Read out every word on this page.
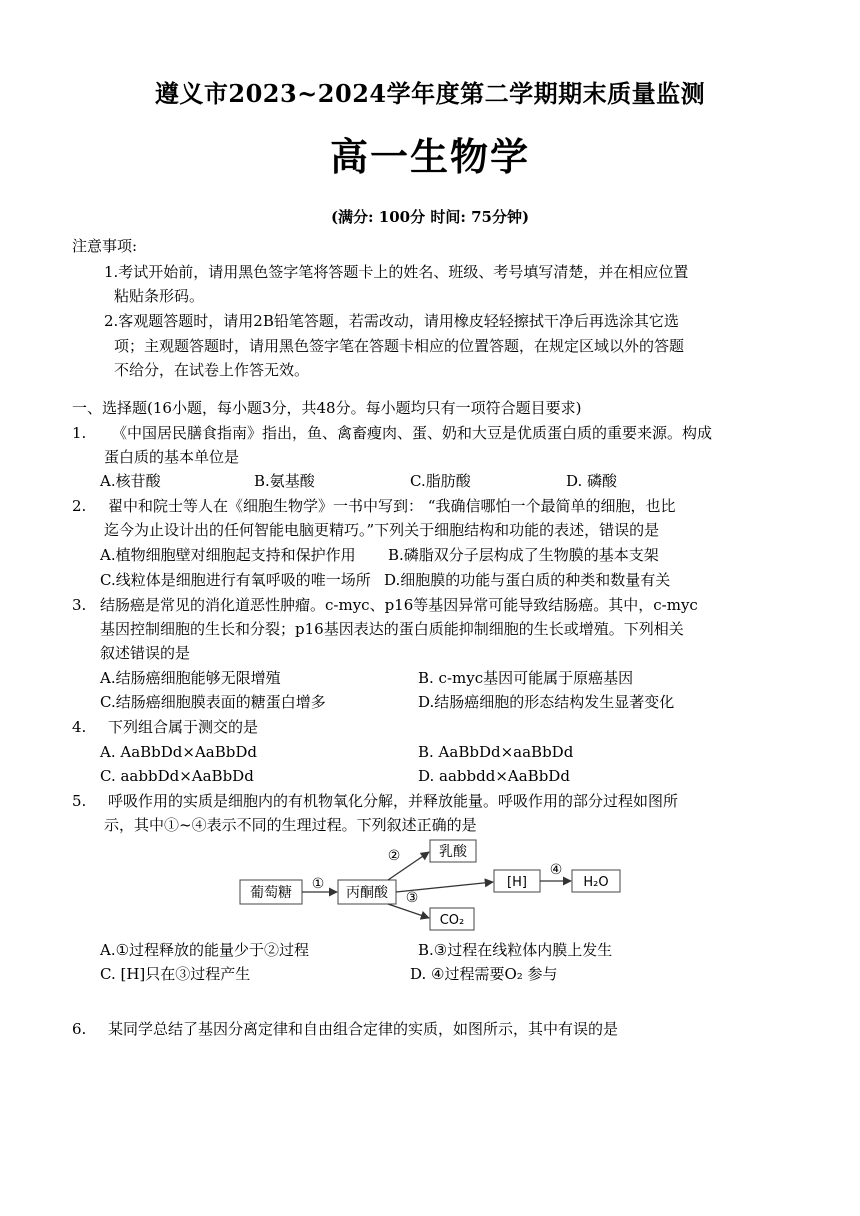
遵义市2023~2024学年度第二学期期末质量监测
高一生物学
(满分: 100分 时间: 75分钟)
注意事项:
1.考试开始前，请用黑色签字笔将答题卡上的姓名、班级、考号填写清楚，并在相应位置
粘贴条形码。
2.客观题答题时，请用2B铅笔答题，若需改动，请用橡皮轻轻擦拭干净后再选涂其它选
项；主观题答题时，请用黑色签字笔在答题卡相应的位置答题，在规定区域以外的答题
不给分，在试卷上作答无效。
一、选择题(16小题，每小题3分，共48分。每小题均只有一项符合题目要求)
1. 《中国居民膳食指南》指出，鱼、禽畜瘦肉、蛋、奶和大豆是优质蛋白质的重要来源。构成
蛋白质的基本单位是
A.核苷酸	B.氨基酸	C.脂肪酸	D. 磷酸
2. 翟中和院士等人在《细胞生物学》一书中写到： “我确信哪怕一个最简单的细胞，也比
迄今为止设计出的任何智能电脑更精巧。”下列关于细胞结构和功能的表述，错误的是
A.植物细胞壁对细胞起支持和保护作用 B.磷脂双分子层构成了生物膜的基本支架
C.线粒体是细胞进行有氧呼吸的唯一场所 D.细胞膜的功能与蛋白质的种类和数量有关
3. 结肠癌是常见的消化道恶性肿瘤。c-myc、p16等基因异常可能导致结肠癌。其中，c-myc
基因控制细胞的生长和分裂；p16基因表达的蛋白质能抑制细胞的生长或增殖。下列相关
叙述错误的是
A.结肠癌细胞能够无限增殖	B. c-myc基因可能属于原癌基因
C.结肠癌细胞膜表面的糖蛋白增多	D.结肠癌细胞的形态结构发生显著变化
4. 下列组合属于测交的是
A. AaBbDd×AaBbDd	B. AaBbDd×aaBbDd
C. aabbDd×AaBbDd	D. aabbdd×AaBbDd
5. 呼吸作用的实质是细胞内的有机物氧化分解，并释放能量。呼吸作用的部分过程如图所
示，其中①~④表示不同的生理过程。下列叙述正确的是
葡萄糖	丙酮酸
乳酸
CO₂
[H]	H₂O
①
②
③
④
A.①过程释放的能量少于②过程	B.③过程在线粒体内膜上发生
C. [H]只在③过程产生	D. ④过程需要O₂ 参与
6. 某同学总结了基因分离定律和自由组合定律的实质，如图所示，其中有误的是
